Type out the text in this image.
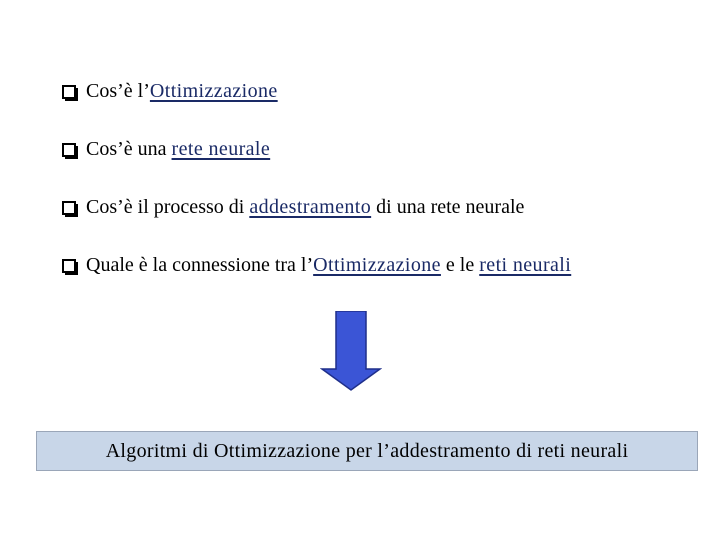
Cos’è l’Ottimizzazione
Cos’è una rete neurale
Cos’è il processo di addestramento di una rete neurale
Quale è la connessione tra l’Ottimizzazione e le reti neurali
Algoritmi di Ottimizzazione per l’addestramento di reti neurali
